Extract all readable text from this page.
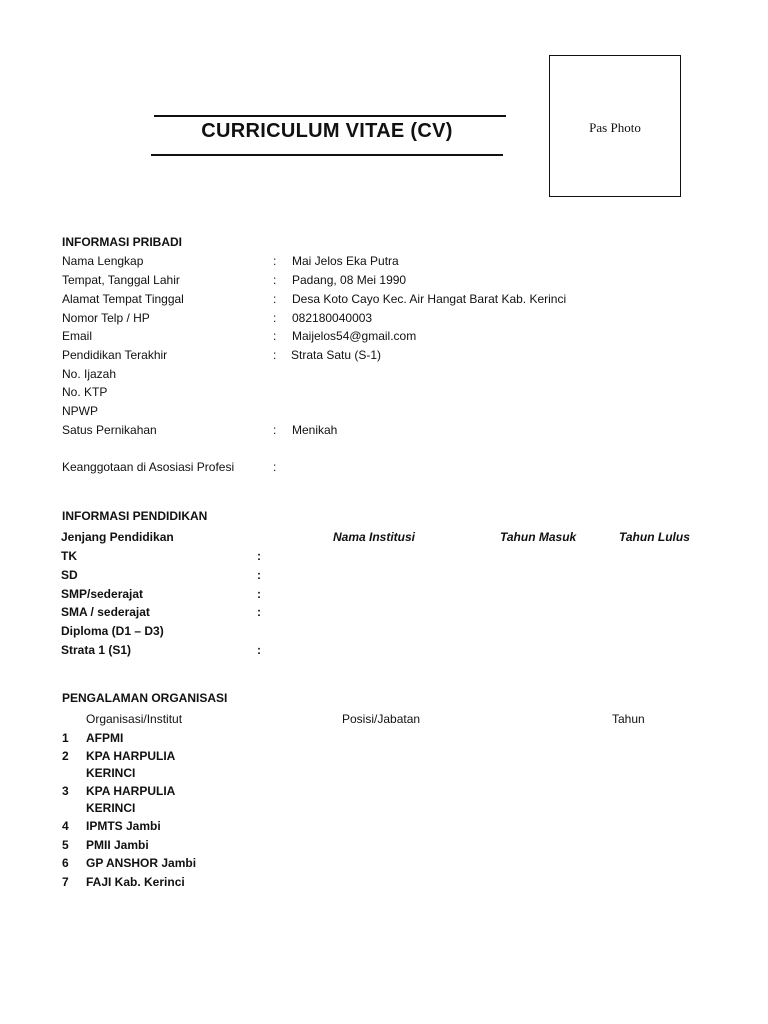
CURRICULUM VITAE (CV)	Pas Photo
INFORMASI PRIBADI
Nama Lengkap	: Mai Jelos Eka Putra
Tempat, Tanggal Lahir	: Padang, 08 Mei 1990
Alamat Tempat Tinggal	: Desa Koto Cayo Kec. Air Hangat Barat Kab. Kerinci
Nomor Telp / HP	: 082180040003
Email	: Maijelos54@gmail.com
Pendidikan Terakhir	: Strata Satu (S-1)
No. Ijazah
No. KTP
NPWP
Satus Pernikahan	: Menikah
Keanggotaan di Asosiasi Profesi	:
INFORMASI PENDIDIKAN
Jenjang Pendidikan	Nama Institusi	Tahun Masuk	Tahun Lulus
TK	:
SD	:
SMP/sederajat	:
SMA / sederajat	:
Diploma (D1 – D3)
Strata 1 (S1)	:
PENGALAMAN ORGANISASI
Organisasi/Institut	Posisi/Jabatan	Tahun
1 AFPMI
2 KPA HARPULIA
KERINCI
3 KPA HARPULIA
KERINCI
4 IPMTS Jambi
5 PMII Jambi
6 GP ANSHOR Jambi
7 FAJI Kab. Kerinci
